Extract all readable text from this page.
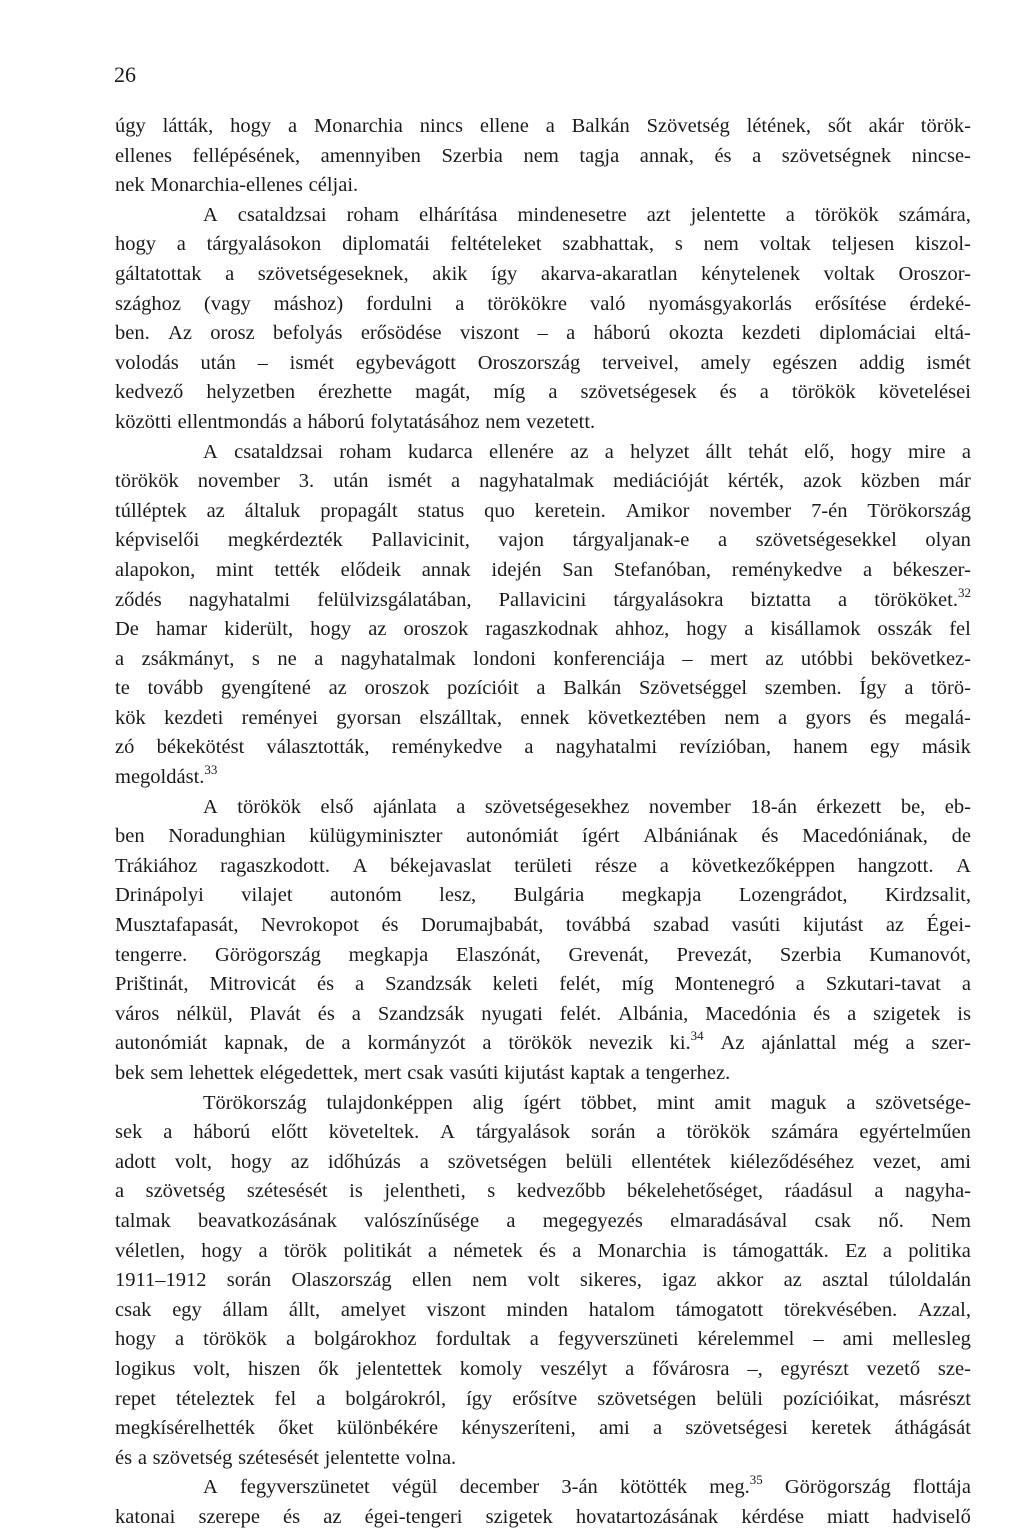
26
úgy látták, hogy a Monarchia nincs ellene a Balkán Szövetség létének, sőt akár török-
ellenes fellépésének, amennyiben Szerbia nem tagja annak, és a szövetségnek nincse-
nek Monarchia-ellenes céljai.
A csataldzsai roham elhárítása mindenesetre azt jelentette a törökök számára,
hogy a tárgyalásokon diplomatái feltételeket szabhattak, s nem voltak teljesen kiszol-
gáltatottak a szövetségeseknek, akik így akarva-akaratlan kénytelenek voltak Oroszor-
szághoz (vagy máshoz) fordulni a törökökre való nyomásgyakorlás erősítése érdeké-
ben. Az orosz befolyás erősödése viszont – a háború okozta kezdeti diplomáciai eltá-
volodás után – ismét egybevágott Oroszország terveivel, amely egészen addig ismét
kedvező helyzetben érezhette magát, míg a szövetségesek és a törökök követelései
közötti ellentmondás a háború folytatásához nem vezetett.
A csataldzsai roham kudarca ellenére az a helyzet állt tehát elő, hogy mire a
törökök november 3. után ismét a nagyhatalmak mediációját kérték, azok közben már
túlléptek az általuk propagált status quo keretein. Amikor november 7-én Törökország
képviselői megkérdezték Pallavicinit, vajon tárgyaljanak-e a szövetségesekkel olyan
alapokon, mint tették elődeik annak idején San Stefanóban, reménykedve a békeszer-
ződés nagyhatalmi felülvizsgálatában, Pallavicini tárgyalásokra biztatta a törököket.$^{32}$
De hamar kiderült, hogy az oroszok ragaszkodnak ahhoz, hogy a kisállamok osszák fel
a zsákmányt, s ne a nagyhatalmak londoni konferenciája – mert az utóbbi bekövetkez-
te tovább gyengítené az oroszok pozícióit a Balkán Szövetséggel szemben. Így a törö-
kök kezdeti reményei gyorsan elszálltak, ennek következtében nem a gyors és megalá-
zó békekötést választották, reménykedve a nagyhatalmi revízióban, hanem egy másik
megoldást.$^{33}$
A törökök első ajánlata a szövetségesekhez november 18-án érkezett be, eb-
ben Noradunghian külügyminiszter autonómiát ígért Albániának és Macedóniának, de
Trákiához ragaszkodott. A békejavaslat területi része a következőképpen hangzott. A
Drinápolyi vilajet autonóm lesz, Bulgária megkapja Lozengrádot, Kirdzsalit,
Musztafapasát, Nevrokopot és Dorumajbabát, továbbá szabad vasúti kijutást az Égei-
tengerre. Görögország megkapja Elaszónát, Grevenát, Prevezát, Szerbia Kumanovót,
Prištinát, Mitrovicát és a Szandzsák keleti felét, míg Montenegró a Szkutari-tavat a
város nélkül, Plavát és a Szandzsák nyugati felét. Albánia, Macedónia és a szigetek is
autonómiát kapnak, de a kormányzót a törökök nevezik ki.$^{34}$ Az ajánlattal még a szer-
bek sem lehettek elégedettek, mert csak vasúti kijutást kaptak a tengerhez.
Törökország tulajdonképpen alig ígért többet, mint amit maguk a szövetsége-
sek a háború előtt követeltek. A tárgyalások során a törökök számára egyértelműen
adott volt, hogy az időhúzás a szövetségen belüli ellentétek kiéleződéséhez vezet, ami
a szövetség szétesését is jelentheti, s kedvezőbb békelehetőséget, ráadásul a nagyha-
talmak beavatkozásának valószínűsége a megegyezés elmaradásával csak nő. Nem
véletlen, hogy a török politikát a németek és a Monarchia is támogatták. Ez a politika
1911–1912 során Olaszország ellen nem volt sikeres, igaz akkor az asztal túloldalán
csak egy állam állt, amelyet viszont minden hatalom támogatott törekvésében. Azzal,
hogy a törökök a bolgárokhoz fordultak a fegyverszüneti kérelemmel – ami mellesleg
logikus volt, hiszen ők jelentettek komoly veszélyt a fővárosra –, egyrészt vezető sze-
repet tételeztek fel a bolgárokról, így erősítve szövetségen belüli pozícióikat, másrészt
megkísérelhették őket különbékére kényszeríteni, ami a szövetségesi keretek áthágását
és a szövetség szétesését jelentette volna.
A fegyverszünetet végül december 3-án kötötték meg.$^{35}$ Görögország flottája
katonai szerepe és az égei-tengeri szigetek hovatartozásának kérdése miatt hadviselő
